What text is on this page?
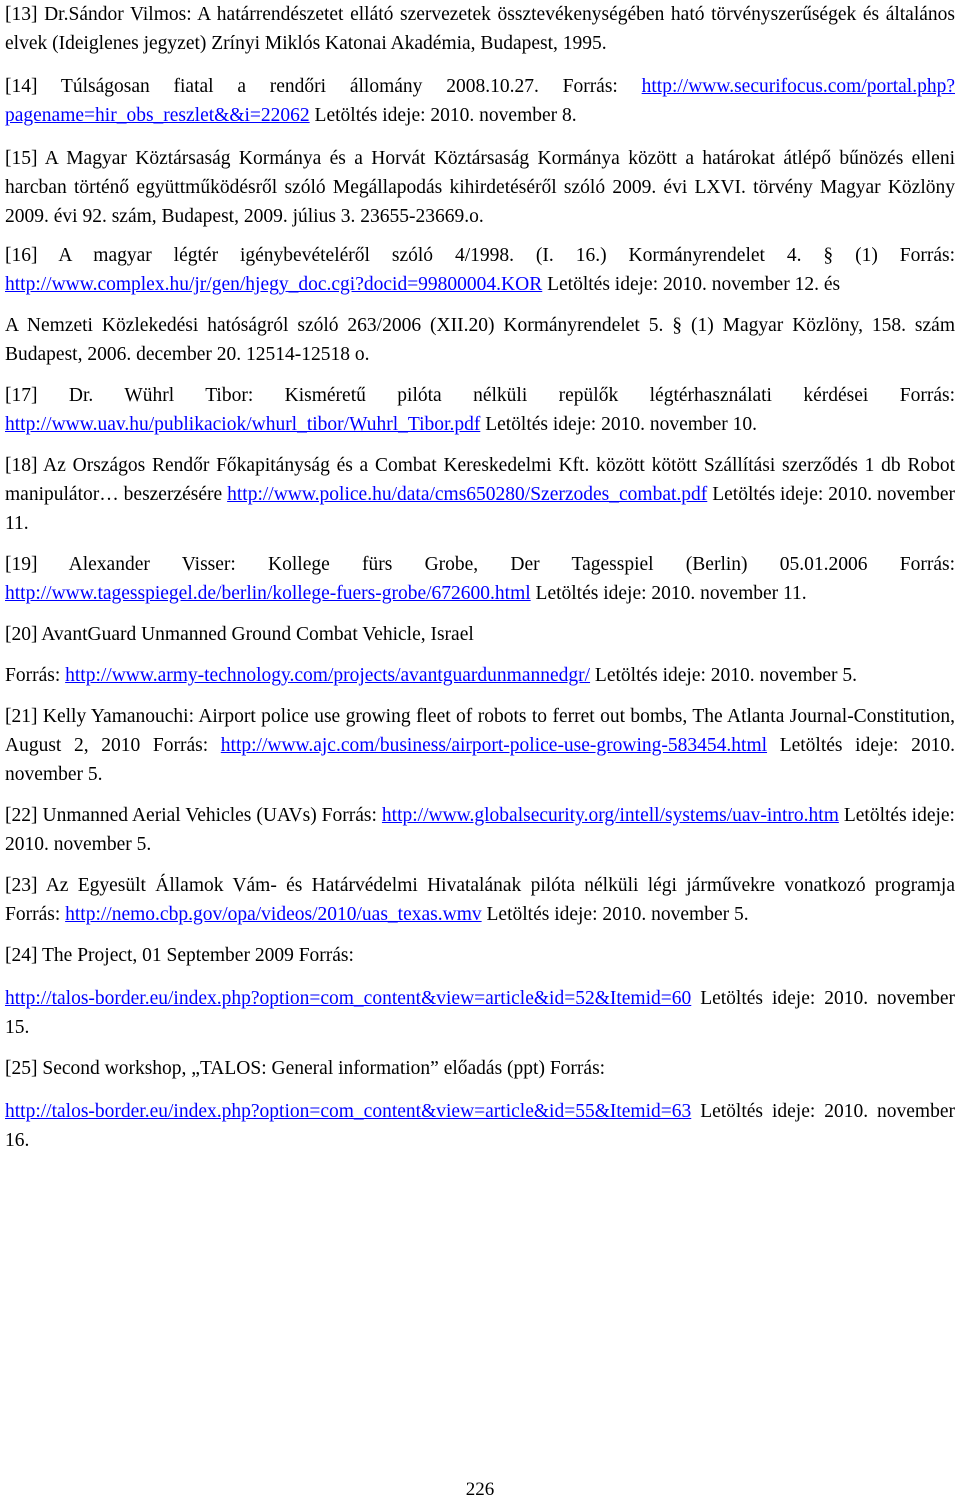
[13] Dr.Sándor Vilmos: A határrendészetet ellátó szervezetek össztevékenységében ható törvényszerűségek és általános elvek (Ideiglenes jegyzet) Zrínyi Miklós Katonai Akadémia, Budapest, 1995.

[14] Túlságosan fiatal a rendőri állomány 2008.10.27. Forrás: http://www.securifocus.com/portal.php?pagename=hir_obs_reszlet&&i=22062 Letöltés ideje: 2010. november 8.

[15] A Magyar Köztársaság Kormánya és a Horvát Köztársaság Kormánya között a határokat átlépő bűnözés elleni harcban történő együttműködésről szóló Megállapodás kihirdetéséről szóló 2009. évi LXVI. törvény Magyar Közlöny 2009. évi 92. szám, Budapest, 2009. július 3. 23655-23669.o.

[16] A magyar légtér igénybevételéről szóló 4/1998. (I. 16.) Kormányrendelet 4. § (1) Forrás: http://www.complex.hu/jr/gen/hjegy_doc.cgi?docid=99800004.KOR Letöltés ideje: 2010. november 12. és

A Nemzeti Közlekedési hatóságról szóló 263/2006 (XII.20) Kormányrendelet 5. § (1) Magyar Közlöny, 158. szám Budapest, 2006. december 20. 12514-12518 o.

[17] Dr. Wührl Tibor: Kisméretű pilóta nélküli repülők légtérhasználati kérdései Forrás: http://www.uav.hu/publikaciok/whurl_tibor/Wuhrl_Tibor.pdf Letöltés ideje: 2010. november 10.

[18] Az Országos Rendőr Főkapitányság és a Combat Kereskedelmi Kft. között kötött Szállítási szerződés 1 db Robot manipulátor… beszerzésére http://www.police.hu/data/cms650280/Szerzodes_combat.pdf Letöltés ideje: 2010. november 11.

[19] Alexander Visser: Kollege fürs Grobe, Der Tagesspiel (Berlin) 05.01.2006 Forrás: http://www.tagesspiegel.de/berlin/kollege-fuers-grobe/672600.html Letöltés ideje: 2010. november 11.

[20] AvantGuard Unmanned Ground Combat Vehicle, Israel

Forrás: http://www.army-technology.com/projects/avantguardunmannedgr/ Letöltés ideje: 2010. november 5.

[21] Kelly Yamanouchi: Airport police use growing fleet of robots to ferret out bombs, The Atlanta Journal-Constitution, August 2, 2010 Forrás: http://www.ajc.com/business/airport-police-use-growing-583454.html Letöltés ideje: 2010. november 5.

[22] Unmanned Aerial Vehicles (UAVs) Forrás: http://www.globalsecurity.org/intell/systems/uav-intro.htm Letöltés ideje: 2010. november 5.

[23] Az Egyesült Államok Vám- és Határvédelmi Hivatalának pilóta nélküli légi járművekre vonatkozó programja Forrás: http://nemo.cbp.gov/opa/videos/2010/uas_texas.wmv Letöltés ideje: 2010. november 5.

[24] The Project, 01 September 2009 Forrás:

http://talos-border.eu/index.php?option=com_content&view=article&id=52&Itemid=60 Letöltés ideje: 2010. november 15.

[25] Second workshop, „TALOS: General information” előadás (ppt) Forrás:

http://talos-border.eu/index.php?option=com_content&view=article&id=55&Itemid=63 Letöltés ideje: 2010. november 16.

226
